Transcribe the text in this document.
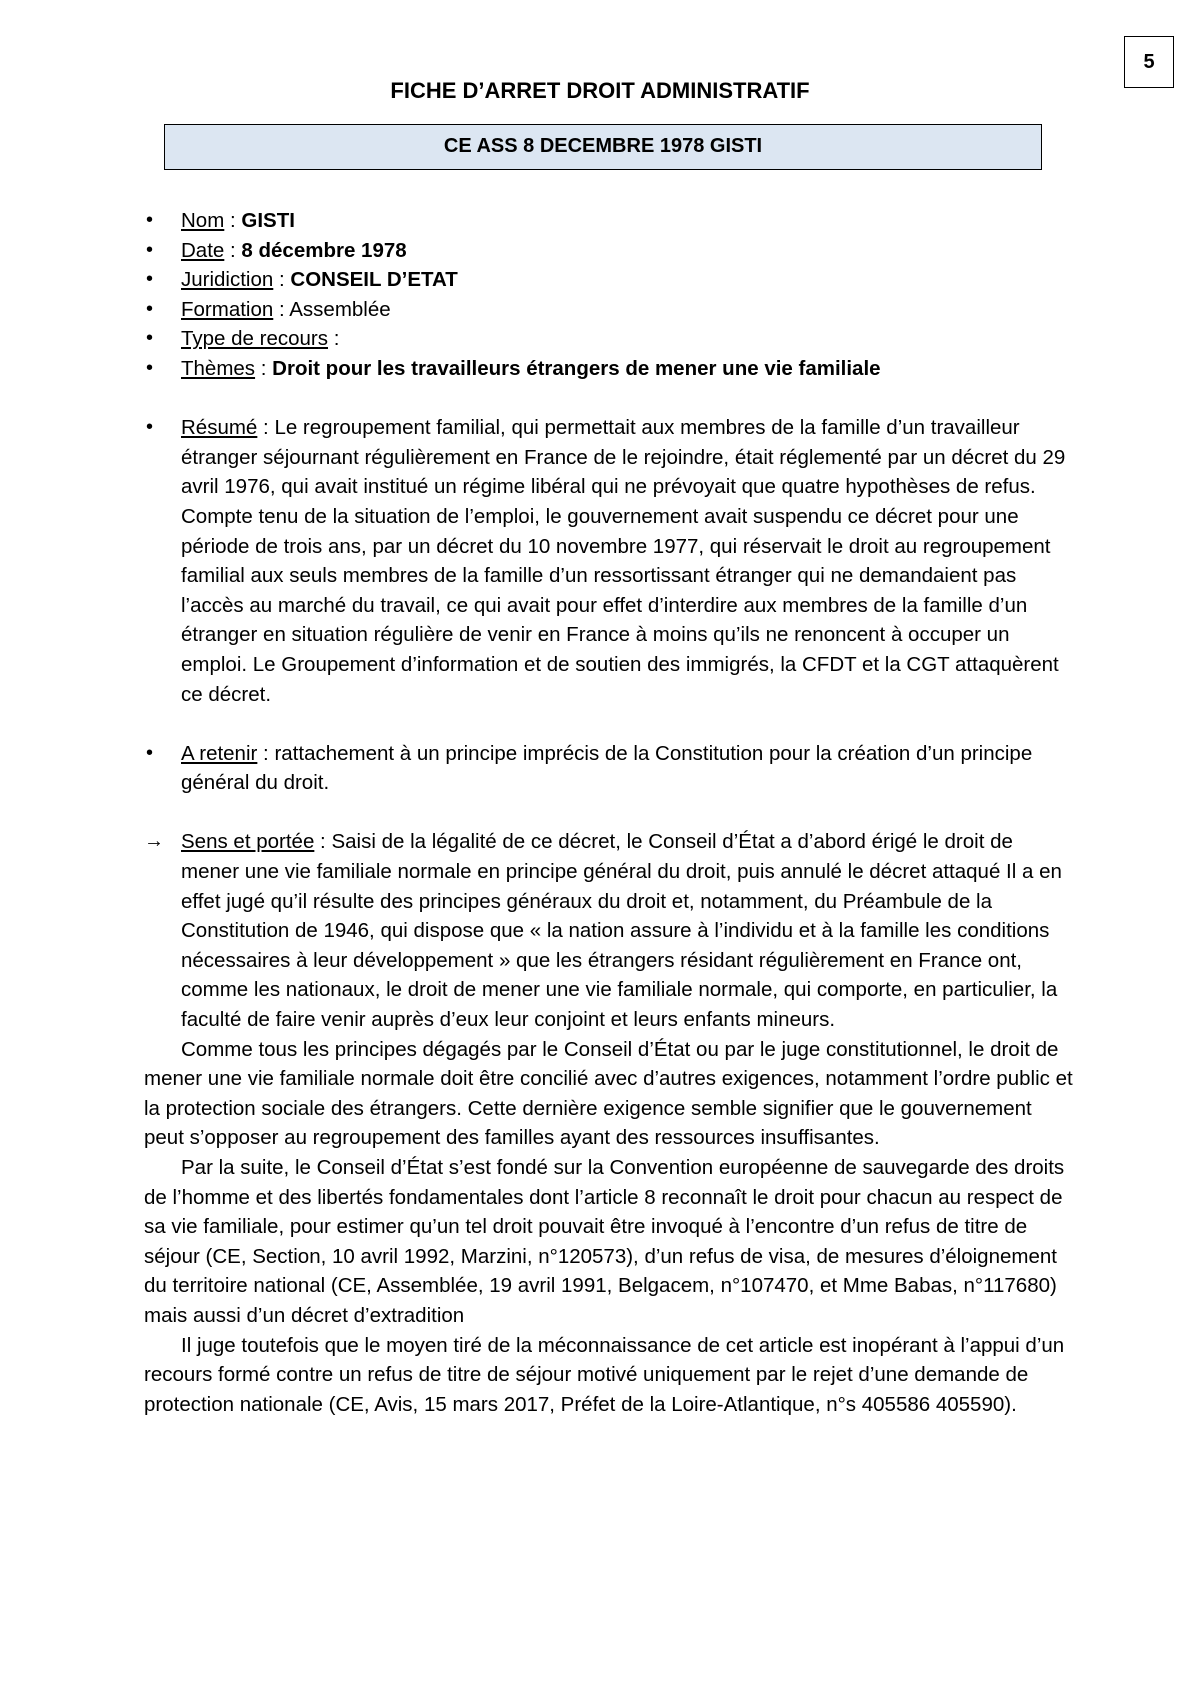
5
FICHE D’ARRET DROIT ADMINISTRATIF
CE ASS 8 DECEMBRE 1978 GISTI
• Nom : GISTI
• Date : 8 décembre 1978
• Juridiction : CONSEIL D’ETAT
• Formation : Assemblée
• Type de recours :
• Thèmes : Droit pour les travailleurs étrangers de mener une vie familiale
• Résumé : Le regroupement familial, qui permettait aux membres de la famille d’un travailleur étranger séjournant régulièrement en France de le rejoindre, était réglementé par un décret du 29 avril 1976, qui avait institué un régime libéral qui ne prévoyait que quatre hypothèses de refus. Compte tenu de la situation de l’emploi, le gouvernement avait suspendu ce décret pour une période de trois ans, par un décret du 10 novembre 1977, qui réservait le droit au regroupement familial aux seuls membres de la famille d’un ressortissant étranger qui ne demandaient pas l’accès au marché du travail, ce qui avait pour effet d’interdire aux membres de la famille d’un étranger en situation régulière de venir en France à moins qu’ils ne renoncent à occuper un emploi. Le Groupement d’information et de soutien des immigrés, la CFDT et la CGT attaquèrent ce décret.
• A retenir : rattachement à un principe imprécis de la Constitution pour la création d’un principe général du droit.
→ Sens et portée : Saisi de la légalité de ce décret, le Conseil d’État a d’abord érigé le droit de mener une vie familiale normale en principe général du droit, puis annulé le décret attaqué Il a en effet jugé qu’il résulte des principes généraux du droit et, notamment, du Préambule de la Constitution de 1946, qui dispose que « la nation assure à l’individu et à la famille les conditions nécessaires à leur développement » que les étrangers résidant régulièrement en France ont, comme les nationaux, le droit de mener une vie familiale normale, qui comporte, en particulier, la faculté de faire venir auprès d’eux leur conjoint et leurs enfants mineurs.

Comme tous les principes dégagés par le Conseil d’État ou par le juge constitutionnel, le droit de mener une vie familiale normale doit être concilié avec d’autres exigences, notamment l’ordre public et la protection sociale des étrangers. Cette dernière exigence semble signifier que le gouvernement peut s’opposer au regroupement des familles ayant des ressources insuffisantes.

Par la suite, le Conseil d’État s’est fondé sur la Convention européenne de sauvegarde des droits de l’homme et des libertés fondamentales dont l’article 8 reconnaît le droit pour chacun au respect de sa vie familiale, pour estimer qu’un tel droit pouvait être invoqué à l’encontre d’un refus de titre de séjour (CE, Section, 10 avril 1992, Marzini, n°120573), d’un refus de visa, de mesures d’éloignement du territoire national (CE, Assemblée, 19 avril 1991, Belgacem, n°107470, et Mme Babas, n°117680) mais aussi d’un décret d’extradition

Il juge toutefois que le moyen tiré de la méconnaissance de cet article est inopérant à l’appui d’un recours formé contre un refus de titre de séjour motivé uniquement par le rejet d’une demande de protection nationale (CE, Avis, 15 mars 2017, Préfet de la Loire-Atlantique, n°s 405586 405590).
